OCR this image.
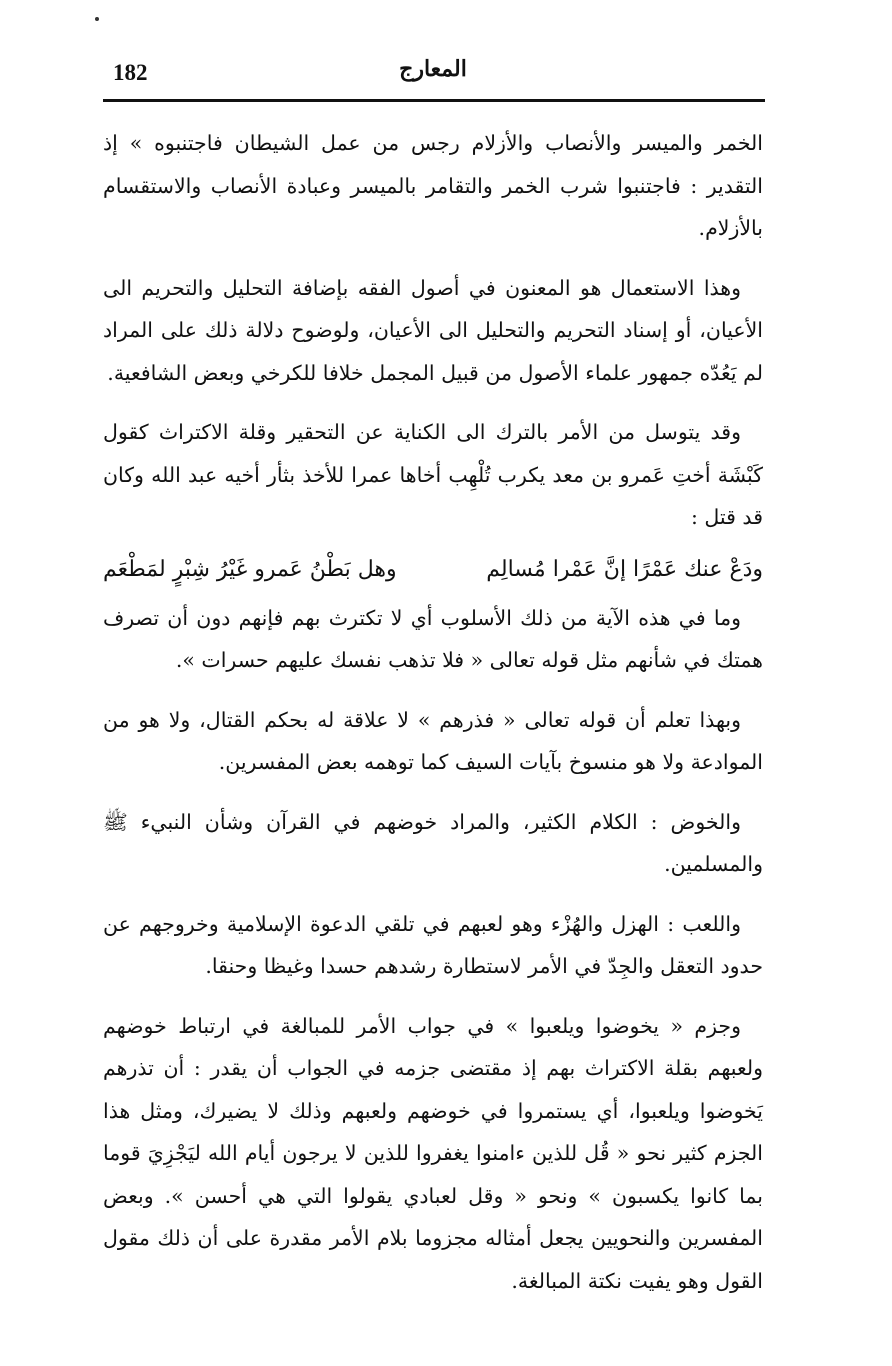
182	المعارج

الخمر والميسر والأنصاب والأزلام رجس من عمل الشيطان فاجتنبوه » إذ التقدير : فاجتنبوا شرب الخمر والتقامر بالميسر وعبادة الأنصاب والاستقسام بالأزلام.

وهذا الاستعمال هو المعنون في أصول الفقه بإضافة التحليل والتحريم الى الأعيان، أو إسناد التحريم والتحليل الى الأعيان، ولوضوح دلالة ذلك على المراد لم يَعُدّه جمهور علماء الأصول من قبيل المجمل خلافا للكرخي وبعض الشافعية.

وقد يتوسل من الأمر بالترك الى الكناية عن التحقير وقلة الاكتراث كقول كَبْشَة أختِ عَمرو بن معد يكرب تُلْهِب أخاها عمرا للأخذ بثأر أخيه عبد الله وكان قد قتل :

ودَعْ عنك عَمْرًا إنَّ عَمْرا مُسالِم
وهل بَطْنُ عَمرو غَيْرُ شِبْرٍ لمَطْعَم

وما في هذه الآية من ذلك الأسلوب أي لا تكترث بهم فإنهم دون أن تصرف همتك في شأنهم مثل قوله تعالى « فلا تذهب نفسك عليهم حسرات ».

وبهذا تعلم أن قوله تعالى « فذرهم » لا علاقة له بحكم القتال، ولا هو من الموادعة ولا هو منسوخ بآيات السيف كما توهمه بعض المفسرين.

والخوض : الكلام الكثير، والمراد خوضهم في القرآن وشأن النبيء ﷺ والمسلمين.

واللعب : الهزل والهُزْء وهو لعبهم في تلقي الدعوة الإسلامية وخروجهم عن حدود التعقل والجِدّ في الأمر لاستطارة رشدهم حسدا وغيظا وحنقا.

وجزم « يخوضوا ويلعبوا » في جواب الأمر للمبالغة في ارتباط خوضهم ولعبهم بقلة الاكتراث بهم إذ مقتضى جزمه في الجواب أن يقدر : أن تذرهم يَخوضوا ويلعبوا، أي يستمروا في خوضهم ولعبهم وذلك لا يضيرك، ومثل هذا الجزم كثير نحو « قُل للذين ءامنوا يغفروا للذين لا يرجون أيام الله ليَجْزِيَ قوما بما كانوا يكسبون » ونحو « وقل لعبادي يقولوا التي هي أحسن ». وبعض المفسرين والنحويين يجعل أمثاله مجزوما بلام الأمر مقدرة على أن ذلك مقول القول وهو يفيت نكتة المبالغة.
